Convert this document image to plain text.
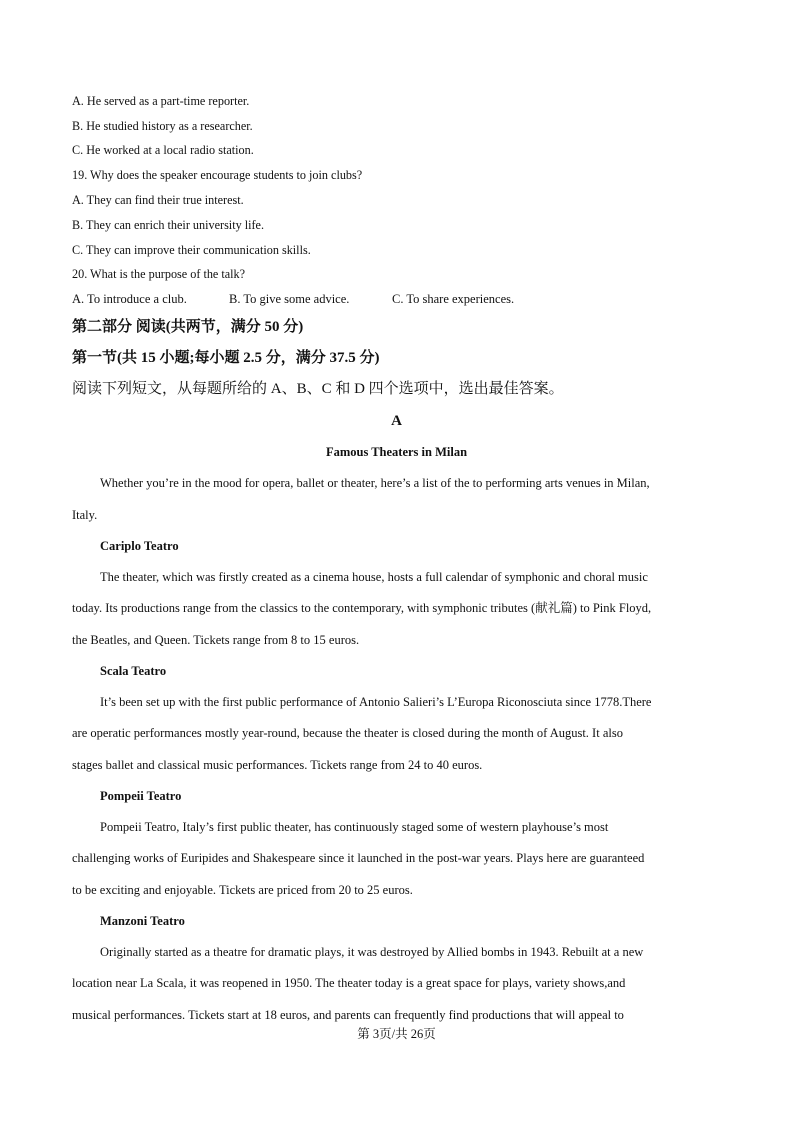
A. He served as a part-time reporter.
B. He studied history as a researcher.
C. He worked at a local radio station.
19. Why does the speaker encourage students to join clubs?
A. They can find their true interest.
B. They can enrich their university life.
C. They can improve their communication skills.
20. What is the purpose of the talk?
A. To introduce a club.	B. To give some advice.	C. To share experiences.
第二部分 阅读(共两节，满分 50 分)
第一节(共 15 小题;每小题 2.5 分，满分 37.5 分)
阅读下列短文，从每题所给的 A、B、C 和 D 四个选项中，选出最佳答案。
A
Famous Theaters in Milan
Whether you’re in the mood for opera, ballet or theater, here’s a list of the to performing arts venues in Milan,
Italy.
Cariplo Teatro
The theater, which was firstly created as a cinema house, hosts a full calendar of symphonic and choral music
today. Its productions range from the classics to the contemporary, with symphonic tributes (献礼篇) to Pink Floyd,
the Beatles, and Queen. Tickets range from 8 to 15 euros.
Scala Teatro
It’s been set up with the first public performance of Antonio Salieri’s L’Europa Riconosciuta since 1778.There
are operatic performances mostly year-round, because the theater is closed during the month of August. It also
stages ballet and classical music performances. Tickets range from 24 to 40 euros.
Pompeii Teatro
Pompeii Teatro, Italy’s first public theater, has continuously staged some of western playhouse’s most
challenging works of Euripides and Shakespeare since it launched in the post-war years. Plays here are guaranteed
to be exciting and enjoyable. Tickets are priced from 20 to 25 euros.
Manzoni Teatro
Originally started as a theatre for dramatic plays, it was destroyed by Allied bombs in 1943. Rebuilt at a new
location near La Scala, it was reopened in 1950. The theater today is a great space for plays, variety shows,and
musical performances. Tickets start at 18 euros, and parents can frequently find productions that will appeal to
第 3页/共 26页
